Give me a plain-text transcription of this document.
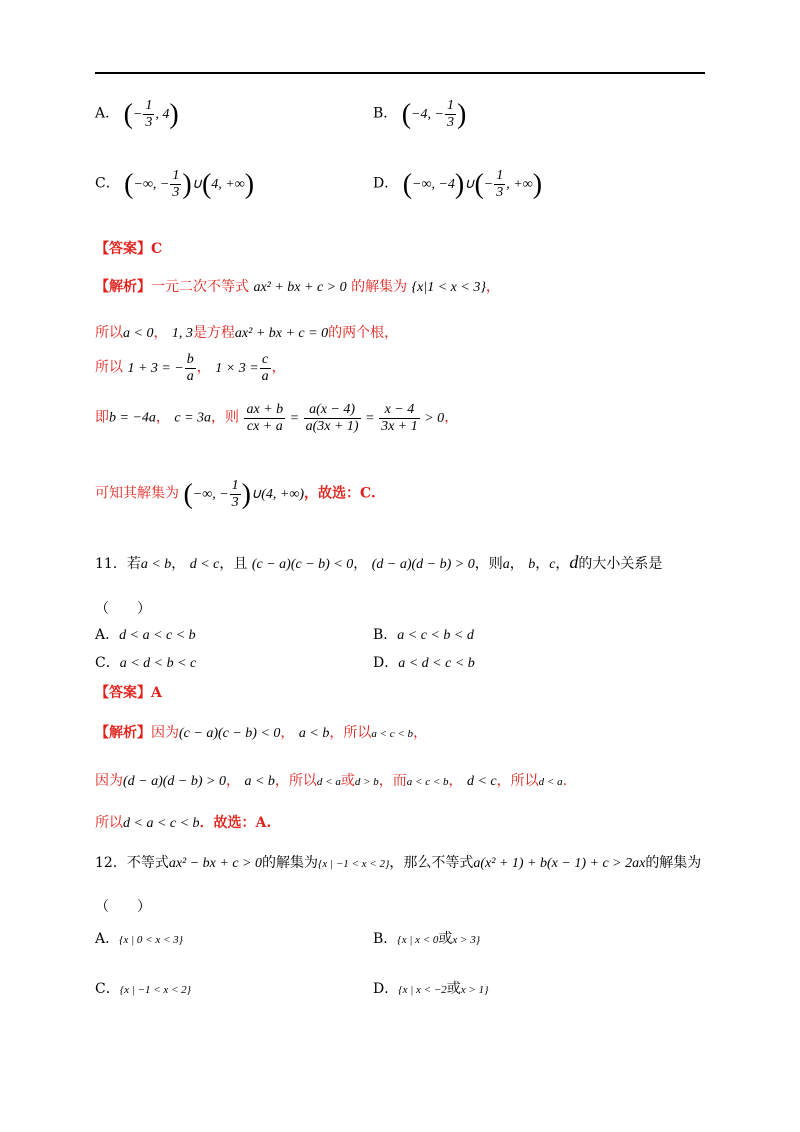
A． (− $\frac{1}{3}$ , 4)	B． (−4, − $\frac{1}{3}$ )
C． (−∞, − $\frac{1}{3}$ )∪(4, +∞)	D． (−∞, −4)∪(− $\frac{1}{3}$ , +∞)
【答案】C
【解析】一元二次不等式 ax² + bx + c > 0 的解集为 {x|1 < x < 3}，
所以a < 0， 1, 3是方程ax² + bx + c = 0的两个根，
所以 1 + 3 = − $\frac{b}{a}$ ， $1 \times 3 = \frac{c}{a}$ ，
即b = −4a， c = 3a，则 $\frac{ax + b}{cx + a} = \frac{a(x - 4)}{a(3x + 1)} = \frac{x - 4}{3x + 1} > 0$，
可知其解集为 (−∞, − $\frac{1}{3}$ )∪(4, +∞)，故选：C.
11．若a < b， d < c，且 (c − a)(c − b) < 0， (d − a)(d − b) > 0，则a， b，c，d的大小关系是
（　　）
A．d < a < c < b	B．a < c < b < d
C．a < d < b < c	D．a < d < c < b
【答案】A
【解析】因为(c − a)(c − b) < 0， a < b，所以a < c < b，
因为(d − a)(d − b) > 0， a < b，所以d < a或d > b，而a < c < b， d < c，所以d < a.
所以d < a < c < b．故选：A.
12．不等式ax² − bx + c > 0的解集为{x | −1 < x < 2}，那么不等式a(x² + 1) + b(x − 1) + c > 2ax的解集为
（　　）
A．{x | 0 < x < 3}	B．{x | x < 0或x > 3}
C．{x | −1 < x < 2}	D．{x | x < −2或x > 1}
